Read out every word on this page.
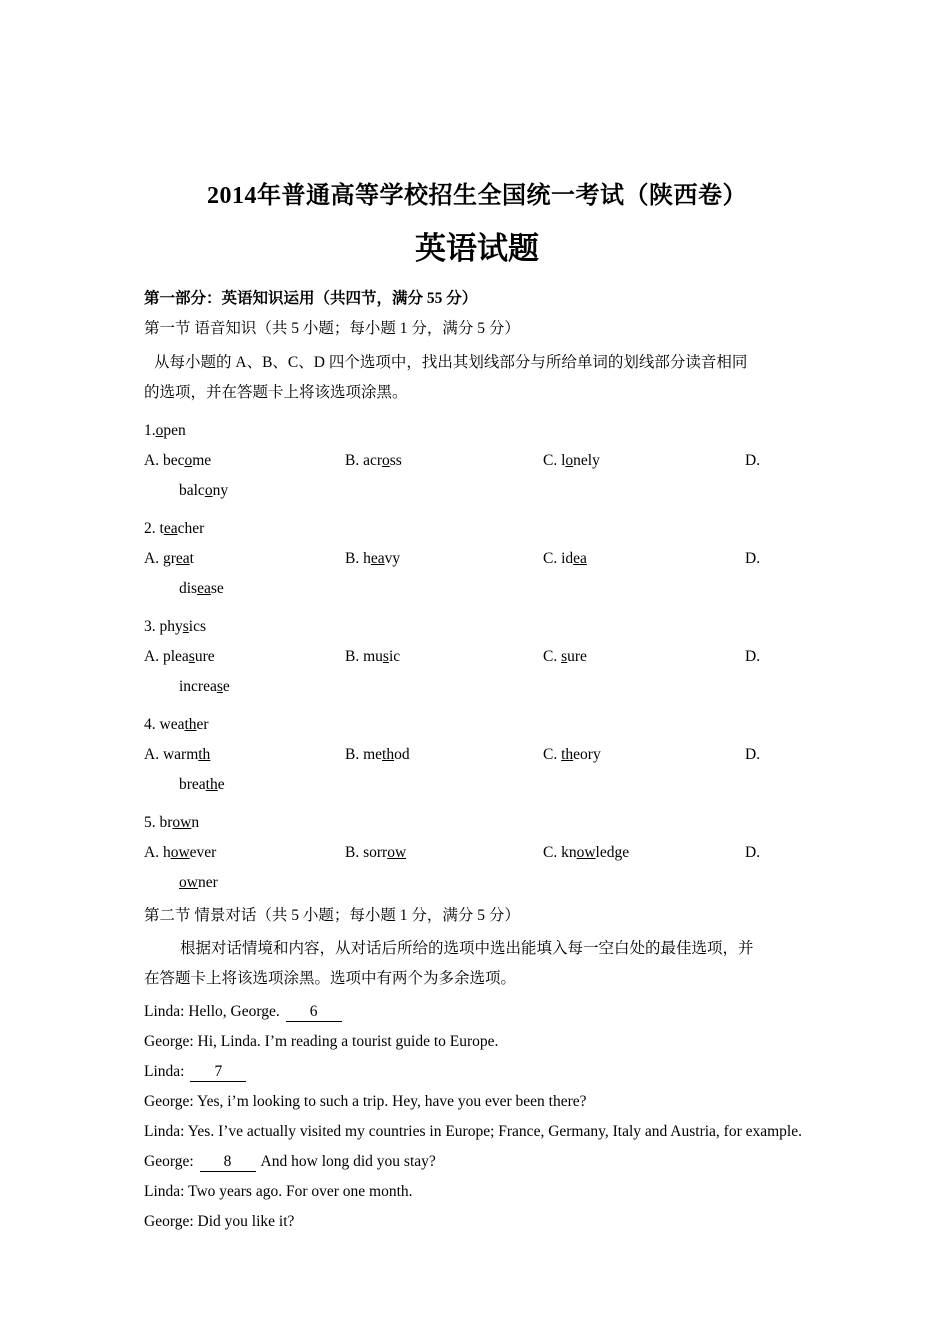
2014年普通高等学校招生全国统一考试（陕西卷）
英语试题

第一部分：英语知识运用（共四节，满分 55 分）

第一节 语音知识（共 5 小题；每小题 1 分，满分 5 分）

从每小题的 A、B、C、D 四个选项中，找出其划线部分与所给单词的划线部分读音相同

的选项，并在答题卡上将该选项涂黑。

1.open

A. become	B. across	C. lonely	D.
balcony

2. teacher

A. great	B. heavy	C. idea	D.
disease

3. physics

A. pleasure	B. music	C. sure	D.
increase

4. weather

A. warmth	B. method	C. theory	D.
breathe

5. brown

A. however	B. sorrow	C. knowledge	D.
owner

第二节 情景对话（共 5 小题；每小题 1 分，满分 5 分）

根据对话情境和内容，从对话后所给的选项中选出能填入每一空白处的最佳选项，并

在答题卡上将该选项涂黑。选项中有两个为多余选项。

Linda: Hello, George. 6

George: Hi, Linda. I’m reading a tourist guide to Europe.

Linda: 7

George: Yes, i’m looking to such a trip. Hey, have you ever been there?

Linda: Yes. I’ve actually visited my countries in Europe; France, Germany, Italy and Austria, for example.

George: 8 And how long did you stay?

Linda: Two years ago. For over one month.

George: Did you like it?
